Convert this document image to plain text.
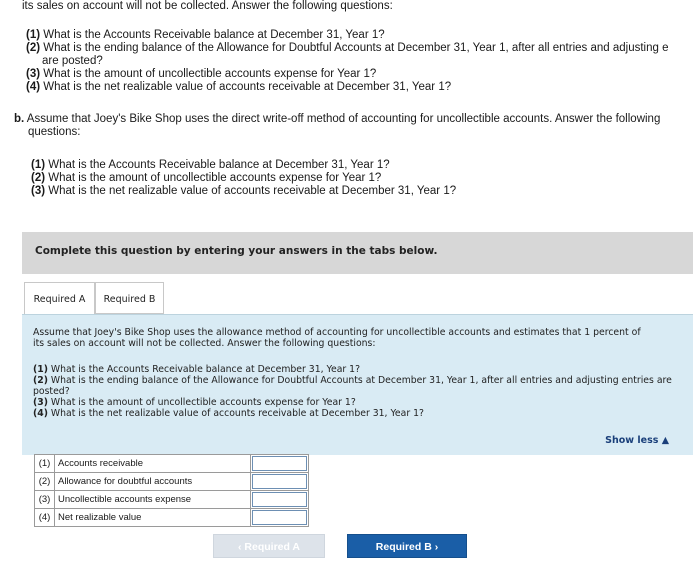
its sales on account will not be collected. Answer the following questions:
(1) What is the Accounts Receivable balance at December 31, Year 1?
(2) What is the ending balance of the Allowance for Doubtful Accounts at December 31, Year 1, after all entries and adjusting e
are posted?
(3) What is the amount of uncollectible accounts expense for Year 1?
(4) What is the net realizable value of accounts receivable at December 31, Year 1?
b. Assume that Joey's Bike Shop uses the direct write-off method of accounting for uncollectible accounts. Answer the following
questions:
(1) What is the Accounts Receivable balance at December 31, Year 1?
(2) What is the amount of uncollectible accounts expense for Year 1?
(3) What is the net realizable value of accounts receivable at December 31, Year 1?
Complete this question by entering your answers in the tabs below.
Required A	Required B
Assume that Joey's Bike Shop uses the allowance method of accounting for uncollectible accounts and estimates that 1 percent of its sales on account will not be collected. Answer the following questions:
(1) What is the Accounts Receivable balance at December 31, Year 1?
(2) What is the ending balance of the Allowance for Doubtful Accounts at December 31, Year 1, after all entries and adjusting entries are posted?
(3) What is the amount of uncollectible accounts expense for Year 1?
(4) What is the net realizable value of accounts receivable at December 31, Year 1?
Show less ▲
(1)	Accounts receivable	
(2)	Allowance for doubtful accounts	
(3)	Uncollectible accounts expense	
(4)	Net realizable value	
‹ Required A	Required B ›
